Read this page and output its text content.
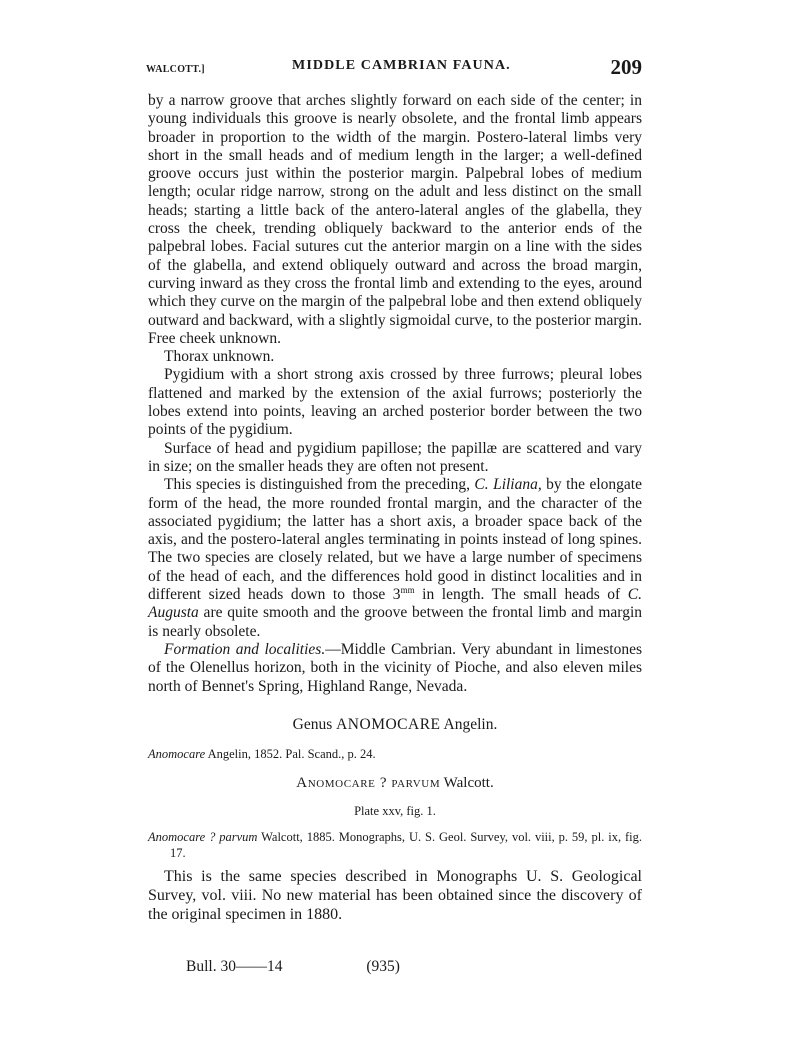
WALCOTT.]	MIDDLE CAMBRIAN FAUNA.	209

by a narrow groove that arches slightly forward on each side of the center; in young individuals this groove is nearly obsolete, and the frontal limb appears broader in proportion to the width of the margin. Postero-lateral limbs very short in the small heads and of medium length in the larger; a well-defined groove occurs just within the posterior margin. Palpebral lobes of medium length; ocular ridge narrow, strong on the adult and less distinct on the small heads; starting a little back of the antero-lateral angles of the glabella, they cross the cheek, trending obliquely backward to the anterior ends of the palpebral lobes. Facial sutures cut the anterior margin on a line with the sides of the glabella, and extend obliquely outward and across the broad margin, curving inward as they cross the frontal limb and extending to the eyes, around which they curve on the margin of the palpebral lobe and then extend obliquely outward and backward, with a slightly sigmoidal curve, to the posterior margin. Free cheek unknown.

Thorax unknown.

Pygidium with a short strong axis crossed by three furrows; pleural lobes flattened and marked by the extension of the axial furrows; posteriorly the lobes extend into points, leaving an arched posterior border between the two points of the pygidium.

Surface of head and pygidium papillose; the papillæ are scattered and vary in size; on the smaller heads they are often not present.

This species is distinguished from the preceding, C. Liliana, by the elongate form of the head, the more rounded frontal margin, and the character of the associated pygidium; the latter has a short axis, a broader space back of the axis, and the postero-lateral angles terminating in points instead of long spines. The two species are closely related, but we have a large number of specimens of the head of each, and the differences hold good in distinct localities and in different sized heads down to those $3^{mm}$ in length. The small heads of C. Augusta are quite smooth and the groove between the frontal limb and margin is nearly obsolete.

Formation and localities.—Middle Cambrian. Very abundant in limestones of the Olenellus horizon, both in the vicinity of Pioche, and also eleven miles north of Bennet's Spring, Highland Range, Nevada.

Genus ANOMOCARE Angelin.
Anomocare Angelin, 1852. Pal. Scand., p. 24.
Anomocare ? parvum Walcott.
Plate xxv, fig. 1.
Anomocare ? parvum Walcott, 1885. Monographs, U. S. Geol. Survey, vol. viii, p. 59, pl. ix, fig. 17.

This is the same species described in Monographs U. S. Geological Survey, vol. viii. No new material has been obtained since the discovery of the original specimen in 1880.

Bull. 30——14	(935)
